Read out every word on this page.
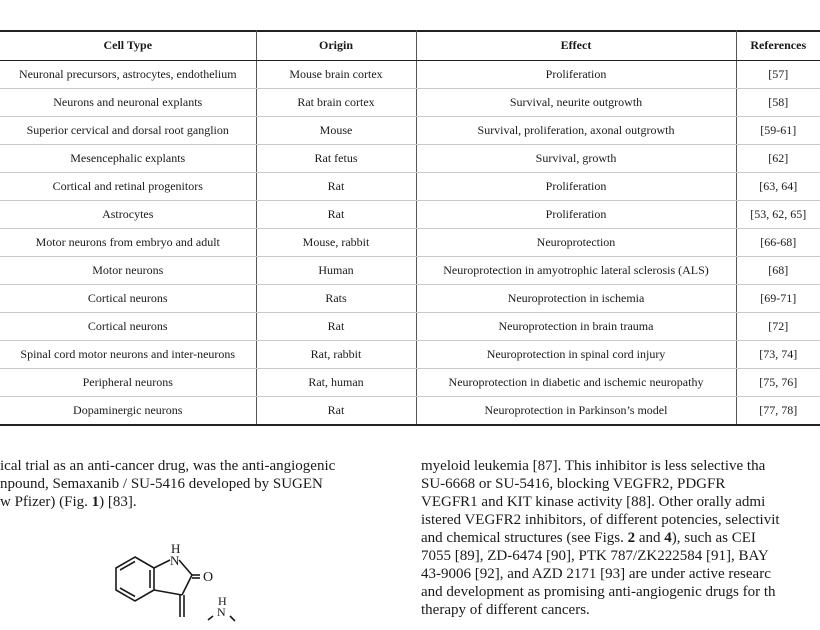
Cell Type	Origin	Effect	References
Neuronal precursors, astrocytes, endothelium	Mouse brain cortex	Proliferation	[57]
Neurons and neuronal explants	Rat brain cortex	Survival, neurite outgrowth	[58]
Superior cervical and dorsal root ganglion	Mouse	Survival, proliferation, axonal outgrowth	[59-61]
Mesencephalic explants	Rat fetus	Survival, growth	[62]
Cortical and retinal progenitors	Rat	Proliferation	[63, 64]
Astrocytes	Rat	Proliferation	[53, 62, 65]
Motor neurons from embryo and adult	Mouse, rabbit	Neuroprotection	[66-68]
Motor neurons	Human	Neuroprotection in amyotrophic lateral sclerosis (ALS)	[68]
Cortical neurons	Rats	Neuroprotection in ischemia	[69-71]
Cortical neurons	Rat	Neuroprotection in brain trauma	[72]
Spinal cord motor neurons and inter-neurons	Rat, rabbit	Neuroprotection in spinal cord injury	[73, 74]
Peripheral neurons	Rat, human	Neuroprotection in diabetic and ischemic neuropathy	[75, 76]
Dopaminergic neurons	Rat	Neuroprotection in Parkinson’s model	[77, 78]

ical trial as an anti-cancer drug, was the anti-angiogenic

npound, Semaxanib / SU-5416 developed by SUGEN

w Pfizer) (Fig. 1) [83].

H
N
O
H
N

myeloid leukemia [87]. This inhibitor is less selective tha

SU-6668 or SU-5416, blocking VEGFR2, PDGFR

VEGFR1 and KIT kinase activity [88]. Other orally admi

istered VEGFR2 inhibitors, of different potencies, selectivit

and chemical structures (see Figs. 2 and 4), such as CEI

7055 [89], ZD-6474 [90], PTK 787/ZK222584 [91], BAY

43-9006 [92], and AZD 2171 [93] are under active researc

and development as promising anti-angiogenic drugs for th

therapy of different cancers.
